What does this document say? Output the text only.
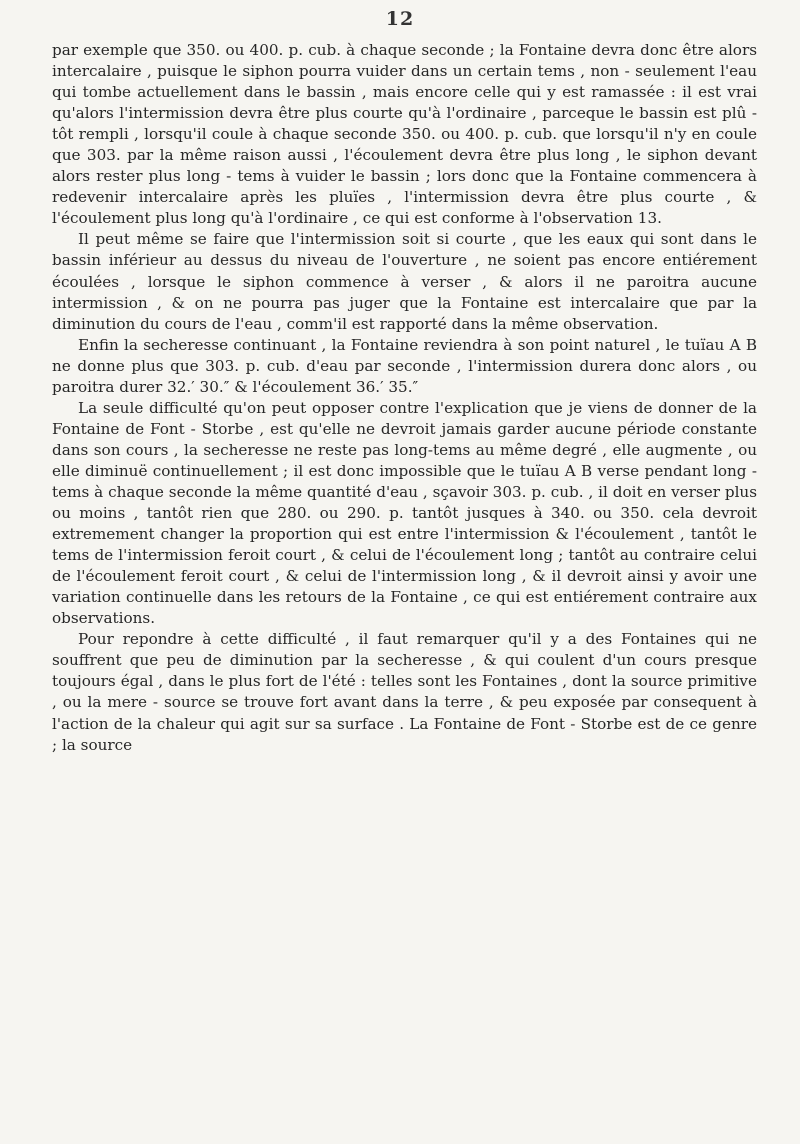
12

par exemple que 350. ou 400. p. cub. à chaque seconde ; la Fontaine devra donc être alors intercalaire , puisque le siphon pourra vuider dans un certain tems , non - seulement l'eau qui tombe actuellement dans le bassin , mais encore celle qui y est ramassée : il est vrai qu'alors l'intermission devra être plus courte qu'à l'ordinaire , parceque le bassin est plû - tôt rempli , lorsqu'il coule à chaque seconde 350. ou 400. p. cub. que lorsqu'il n'y en coule que 303. par la même raison aussi , l'écoulement devra être plus long , le siphon devant alors rester plus long - tems à vuider le bassin ; lors donc que la Fontaine commencera à redevenir intercalaire après les pluïes , l'intermission devra être plus courte , & l'écoulement plus long qu'à l'ordinaire , ce qui est conforme à l'observation 13.

Il peut même se faire que l'intermission soit si courte , que les eaux qui sont dans le bassin inférieur au dessus du niveau de l'ouverture , ne soient pas encore entiérement écoulées , lorsque le siphon commence à verser , & alors il ne paroitra aucune intermission , & on ne pourra pas juger que la Fontaine est intercalaire que par la diminution du cours de l'eau , comm'il est rapporté dans la même observation.

Enfin la secheresse continuant , la Fontaine reviendra à son point naturel , le tuïau A B ne donne plus que 303. p. cub. d'eau par seconde , l'intermission durera donc alors , ou paroitra durer 32.′ 30.″ & l'écoulement 36.′ 35.″

La seule difficulté qu'on peut opposer contre l'explication que je viens de donner de la Fontaine de Font - Storbe , est qu'elle ne devroit jamais garder aucune période constante dans son cours , la secheresse ne reste pas long-tems au même degré , elle augmente , ou elle diminuë continuellement ; il est donc impossible que le tuïau A B verse pendant long - tems à chaque seconde la même quantité d'eau , sçavoir 303. p. cub. , il doit en verser plus ou moins , tantôt rien que 280. ou 290. p. tantôt jusques à 340. ou 350. cela devroit extremement changer la proportion qui est entre l'intermission & l'écoulement , tantôt le tems de l'intermission feroit court , & celui de l'écoulement long ; tantôt au contraire celui de l'écoulement feroit court , & celui de l'intermission long , & il devroit ainsi y avoir une variation continuelle dans les retours de la Fontaine , ce qui est entiérement contraire aux observations.

Pour repondre à cette difficulté , il faut remarquer qu'il y a des Fontaines qui ne souffrent que peu de diminution par la secheresse , & qui coulent d'un cours presque toujours égal , dans le plus fort de l'été : telles sont les Fontaines , dont la source primitive , ou la mere - source se trouve fort avant dans la terre , & peu exposée par consequent à l'action de la chaleur qui agit sur sa surface . La Fontaine de Font - Storbe est de ce genre ; la source
